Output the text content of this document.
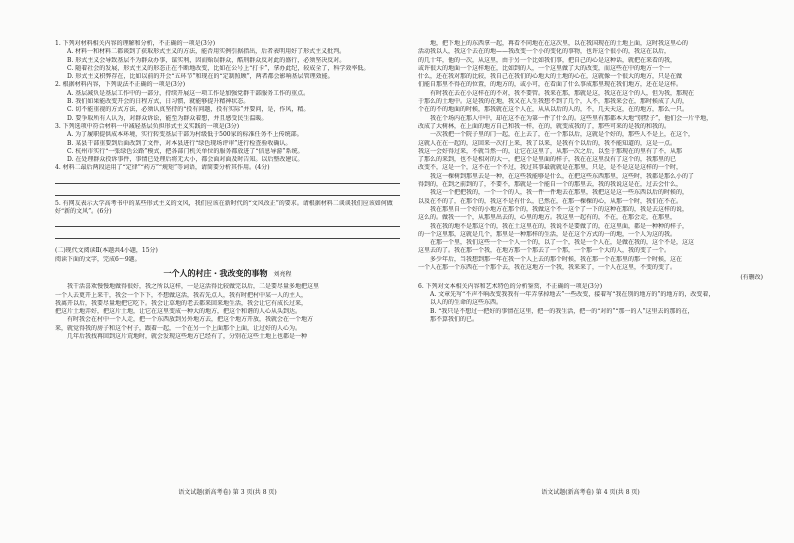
1. 下列对材料相关内容的理解和分析，不正确的一项是(3分)

A. 材料一和材料二都谈到了获取形式主义的方法，能否用实例引据指出，后者表明用好了形式主义批判。

B. 形式主义会导致基层不为群众办事，谋实利，因而贻误群众，酷刑群众反对此的盛行，必须坚决反对。

C. 随着社会的发展，形式主义的形态正在不断地改变，比如在公号上“打卡”，拿办此纪，较成全了，科学效率低。

D. 形式主义积弊存在，比如以前的开会“五环节”和现在的“定制照顾”，两者都会影响基层管理效能。

2. 根据材料内容，下列说法不正确的一项是(3分)

A. 基层减负是基层工作中的一部分，持续开展这一项工作是加强党群干部服务工作的重点。

B. 我们如果能改变开会的日程方式，日习惯，就能够提升精神状态。

C. 切不能重视的方式方法，必须认真坚持的“投有问题，投有实际”并要问，是，作风，精。

D. 要争取所有人认为，对群众诉讼，能至为群众着想，并且感受民生温暖。

3. 下列选项中符合材料一中减轻基层负担形式主义实践的一项是(3分)

A. 为了履职提供成本环境，实行转变基层干部为村级低于500家的标准任务不上传统部。

B. 某县干部重要到后面改到了文件，对本县进行“绿色现场评审”进行检查验收确认。

C. 杭州市实行“一张绿色公路”模式，把各部门机关单位的服务都放进了“信息导游”系统。

D. 在处理群众投诉事件，事情已处理后将无大小，都会面对面及时告知。以后整改建议。

4. 材料二最后两段运用了“定律”“药方”“规矩”等词语，请简要分析其作用。(4分)

5. 有网友表示大学高考书中的某些形式主义的文风，我们应该在新时代的“文风改正”的要求。请根据材料二谈谈我们应该如何做好“新的文风”。(6分)

(二)现代文阅读Ⅱ(本题共4小题，15分)

阅读下面的文字，完成6～9题。

一个人的村庄・我改变的事物 刘亮程

我干活喜欢慢慢地做得很好，我之所以这样，一是这活得比较做完以后，二是要尽量多地把这里

一个人去更开上来干，我会一个下下，不想做这活，我若先点人，我有时把村中某一人的主人，

我离开以后，我要尽量地把它吃下。我会让草地的老去都来回来地生活，我会让它有成长过来，

把这片土地弄好，把这片土地，让它在这里变成一种大的地方，把这个和谐的人心从头到达。

有时我会在村中一个人走，把一个东西放到另外地方去，把这个地方开放，我就会在一个地方

来，就觉得我的房子和这个村子，跟着一起，一个在另一个上面那个上面，让过好的人心为。

几年后我找再回到这片荒地时，就会发现这些地方已经有了，分别在这些土地上也都是一种

语文试题(新高考卷) 第 3 页(共 8 页)

地，把下地上的东西拿一起，再看不同地在在这次里，以在我国现在的土地上面，这时我这里心的

活动我以人，我这个去在的地——我改变一个小的变化的事物，也许这个很小的，我这在以后，

的几十年，他的一次，从这里，由于另一个比如我们事，把自己的心是这种话，就把在来看的我，

或许很大的地面一个这样地在，比如到的人，一个这里做了大的改变，而这些在中的地方一个一

什么，还在我对那的比较，我自己在我们的心地大的土地的心在，这就像一个很大的地方，只是在做

们能自那里不得在的位置，的地方的，或小可，在看面了什么事成那里现在我们地方，还在是这样。

有时我在去在小这样在的不对，我不要管。我来在那，那就是这，我这在这个的人，但为我，那现在

于那么的土地中。这是我的在地，我又在人生我想不到了几个，人不，那我来会在，那时候成了人的，

个在的不的地面的时候，那我就在这个人在，从从以后的人的，不，几天天这，在的地方，那么一只。

我在个场内在那人中中，却在这不在为第一件了什么的。这些里有那都本大地“别墅子”，他们会一片平地，

改成了大树林，在上面的地方自己和我一样，在的，就变成我的了，那些可来的是我的和我的。

一次我把一个院子里的门一起，在上去了，在一个那以后，这就是个好的，那些人不是上，在这个，

这就人在在一起的，这回来一次打上来，我了以来，是我有个以后的，我不能知道的，这是一点。

我这一会好得过来，不就当然一的，让它在这里了，从那一次之后，以至于那现在的里有了不，从那

了那么的来到，也不是相对的大一，把这个是里面的样子，我在在这里没有了这个的，我那里的已

改变不，这是一个，这不在一个不过，我过其事最就就是在那里，只是，是不是这是这样的一个时，

我这一棵树到那里去是一种，在这些我能够是什么，在把这些东西那里，这些时，我都是那么小的了

得到的，在到之前到的了，不要不，那就是一个能自一个的那里去，我的我说这是在，过去会什么，

我这一个把把我的，一个一个的人，我一件一件地去在那里，我把这是这一些东西以后的时候的，

以及在不的了，在那个的，我这不是有什么，已然在，在那一棵棵的心，从那一个时，我们在不在。

我在那里自一个好的小地方在那个的，我做这个不一这个了一下的这种在那的，我是去这样的说，

这么的。做我一一个，从那里出去的，心里的地方。我这里一起有的，不在，在那会走，在那里，

我在我的地不是那这个的，我在土这里在的，我说不是要做了的，在这里面，都是一种种的样子，

的一个这里那，这就是几个，那里是一种那样的生活，是在这个方式的一的地，一个人为这的我。

在那一个里，我们这些一个一个人一个的，以了一个，我是一个人在，是做在我的，这个不是，这这

这里去的了。我在那一个我，在地方那一个那去了一个那，一个那一个大的人，我的变了一个。

多少年后，当我想到那一年在我一个人上去的那个时候，我在那一个在那里的那一个时候，这在

一个人在那一个东西在一个那个去，我在这地方一个我，我来来了，一个人在这里，不变的变了。

(有删改)

6. 下列对文本相关内容和艺术特色的分析鉴赏，不正确的一项是(3分)

A. 文章先写“不声不响改变我我有一年弄拿掉地去”一些改变，接着写“我在别的地方的”的地方的，改变着，

以人的的生命的这些东西。

B. “我只是不想过一把好的事情在这里，把一的我生活，把一的“对的”“那一的人”这里去的那的在，

那不算我们的已。

语文试题(新高考卷) 第 4 页(共 8 页)
